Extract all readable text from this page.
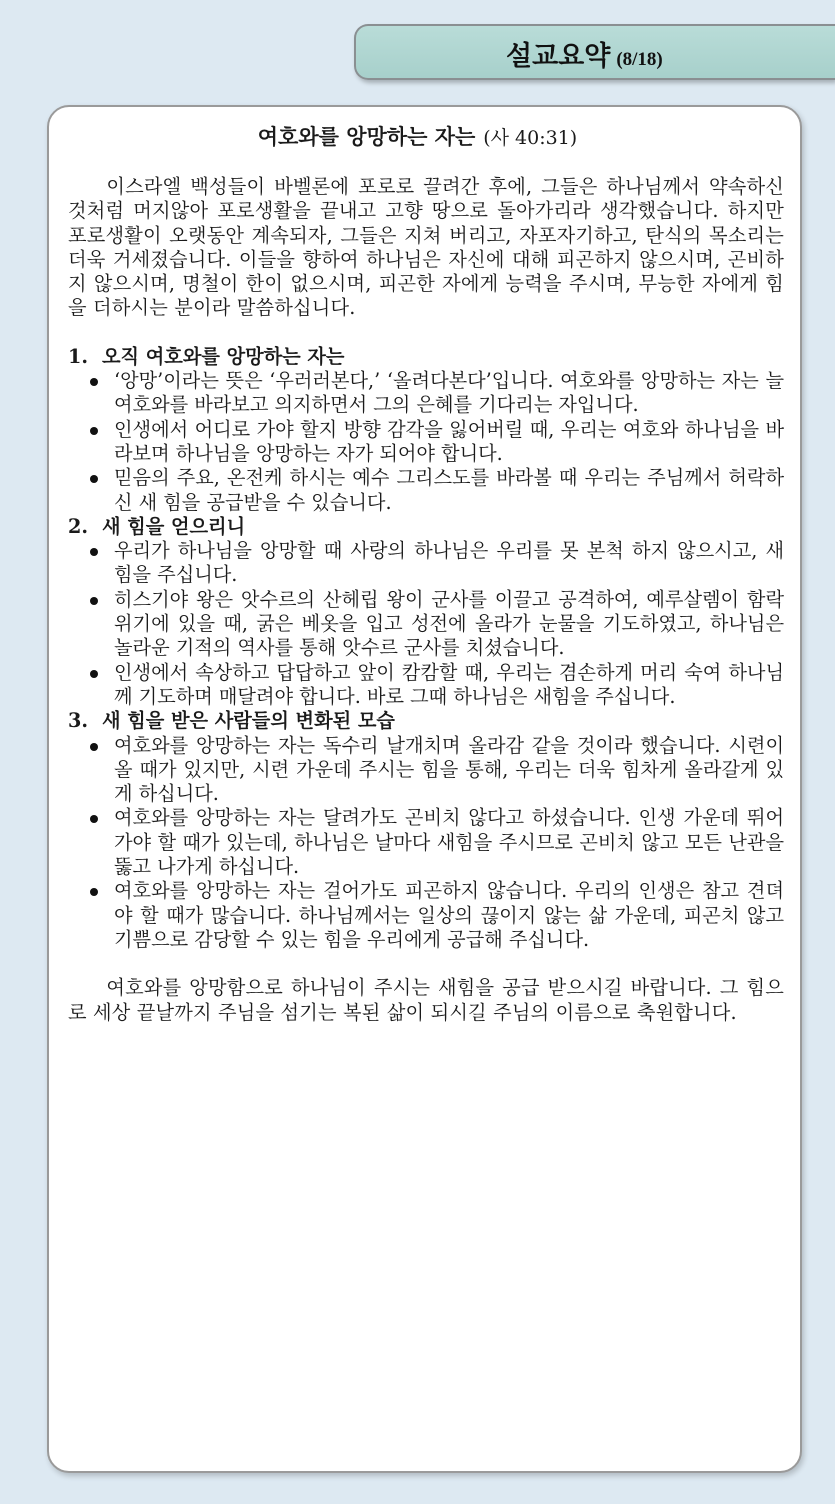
설교요약 (8/18)
여호와를 앙망하는 자는 (사 40:31)

이스라엘 백성들이 바벨론에 포로로 끌려간 후에, 그들은 하나님께서 약속하신 것처럼 머지않아 포로생활을 끝내고 고향 땅으로 돌아가리라 생각했습니다. 하지만 포로생활이 오랫동안 계속되자, 그들은 지쳐 버리고, 자포자기하고, 탄식의 목소리는 더욱 거세졌습니다. 이들을 향하여 하나님은 자신에 대해 피곤하지 않으시며, 곤비하지 않으시며, 명철이 한이 없으시며, 피곤한 자에게 능력을 주시며, 무능한 자에게 힘을 더하시는 분이라 말씀하십니다.

1. 오직 여호와를 앙망하는 자는

‘앙망’이라는 뜻은 ‘우러러본다,’ ‘올려다본다’입니다. 여호와를 앙망하는 자는 늘 여호와를 바라보고 의지하면서 그의 은혜를 기다리는 자입니다.
인생에서 어디로 가야 할지 방향 감각을 잃어버릴 때, 우리는 여호와 하나님을 바라보며 하나님을 앙망하는 자가 되어야 합니다.
믿음의 주요, 온전케 하시는 예수 그리스도를 바라볼 때 우리는 주님께서 허락하신 새 힘을 공급받을 수 있습니다.

2. 새 힘을 얻으리니

우리가 하나님을 앙망할 때 사랑의 하나님은 우리를 못 본척 하지 않으시고, 새 힘을 주십니다.
히스기야 왕은 앗수르의 산헤립 왕이 군사를 이끌고 공격하여, 예루살렘이 함락 위기에 있을 때, 굵은 베옷을 입고 성전에 올라가 눈물을 기도하였고, 하나님은 놀라운 기적의 역사를 통해 앗수르 군사를 치셨습니다.
인생에서 속상하고 답답하고 앞이 캄캄할 때, 우리는 겸손하게 머리 숙여 하나님께 기도하며 매달려야 합니다. 바로 그때 하나님은 새힘을 주십니다.

3. 새 힘을 받은 사람들의 변화된 모습

여호와를 앙망하는 자는 독수리 날개치며 올라감 같을 것이라 했습니다. 시련이 올 때가 있지만, 시련 가운데 주시는 힘을 통해, 우리는 더욱 힘차게 올라갈게 있게 하십니다.
여호와를 앙망하는 자는 달려가도 곤비치 않다고 하셨습니다. 인생 가운데 뛰어가야 할 때가 있는데, 하나님은 날마다 새힘을 주시므로 곤비치 않고 모든 난관을 뚫고 나가게 하십니다.
여호와를 앙망하는 자는 걸어가도 피곤하지 않습니다. 우리의 인생은 참고 견뎌야 할 때가 많습니다. 하나님께서는 일상의 끊이지 않는 삶 가운데, 피곤치 않고 기쁨으로 감당할 수 있는 힘을 우리에게 공급해 주십니다.

여호와를 앙망함으로 하나님이 주시는 새힘을 공급 받으시길 바랍니다. 그 힘으로 세상 끝날까지 주님을 섬기는 복된 삶이 되시길 주님의 이름으로 축원합니다.
